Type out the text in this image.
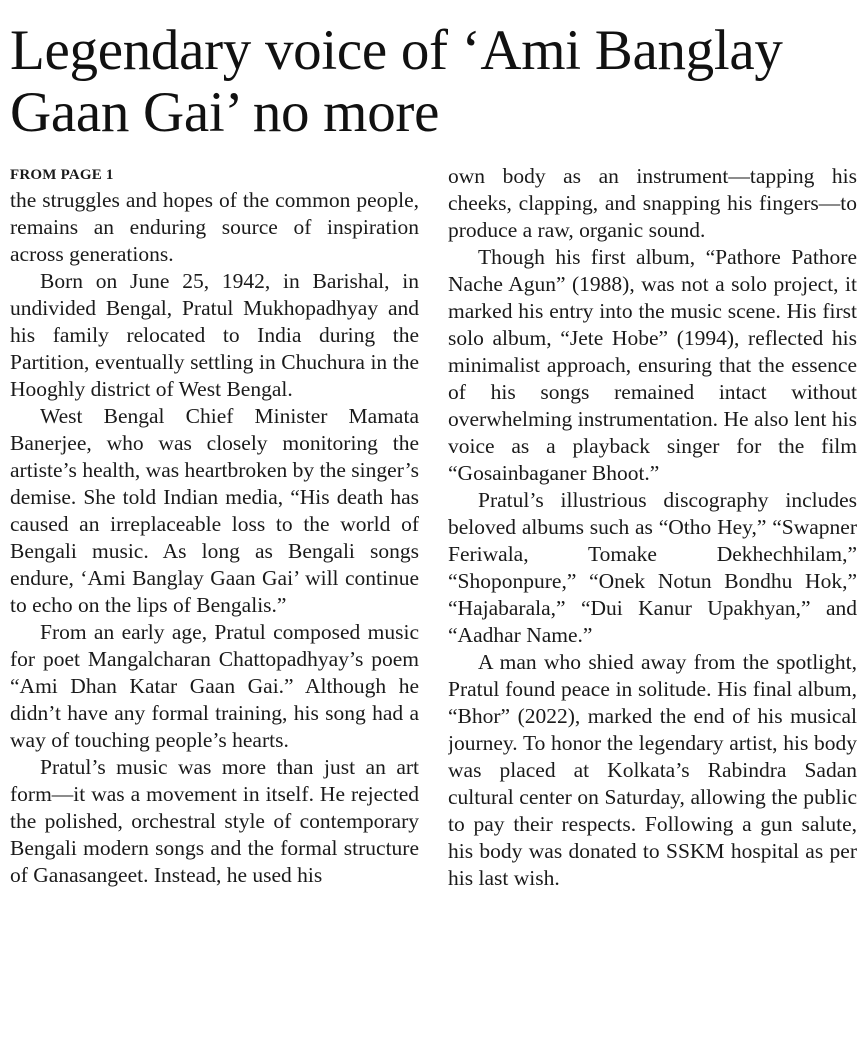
Legendary voice of ‘Ami Banglay Gaan Gai’ no more
FROM PAGE 1

the struggles and hopes of the common people, remains an enduring source of inspiration across generations.

Born on June 25, 1942, in Barishal, in undivided Bengal, Pratul Mukhopadhyay and his family relocated to India during the Partition, eventually settling in Chuchura in the Hooghly district of West Bengal.

West Bengal Chief Minister Mamata Banerjee, who was closely monitoring the artiste’s health, was heartbroken by the singer’s demise. She told Indian media, “His death has caused an irreplaceable loss to the world of Bengali music. As long as Bengali songs endure, ‘Ami Banglay Gaan Gai’ will continue to echo on the lips of Bengalis.”

From an early age, Pratul composed music for poet Mangalcharan Chattopadhyay’s poem “Ami Dhan Katar Gaan Gai.” Although he didn’t have any formal training, his song had a way of touching people’s hearts.

Pratul’s music was more than just an art form—it was a movement in itself. He rejected the polished, orchestral style of contemporary Bengali modern songs and the formal structure of Ganasangeet. Instead, he used his

own body as an instrument—tapping his cheeks, clapping, and snapping his fingers—to produce a raw, organic sound.

Though his first album, “Pathore Pathore Nache Agun” (1988), was not a solo project, it marked his entry into the music scene. His first solo album, “Jete Hobe” (1994), reflected his minimalist approach, ensuring that the essence of his songs remained intact without overwhelming instrumentation. He also lent his voice as a playback singer for the film “Gosainbaganer Bhoot.”

Pratul’s illustrious discography includes beloved albums such as “Otho Hey,” “Swapner Feriwala, Tomake Dekhechhilam,” “Shoponpure,” “Onek Notun Bondhu Hok,” “Hajabarala,” “Dui Kanur Upakhyan,” and “Aadhar Name.”

A man who shied away from the spotlight, Pratul found peace in solitude. His final album, “Bhor” (2022), marked the end of his musical journey. To honor the legendary artist, his body was placed at Kolkata’s Rabindra Sadan cultural center on Saturday, allowing the public to pay their respects. Following a gun salute, his body was donated to SSKM hospital as per his last wish.
